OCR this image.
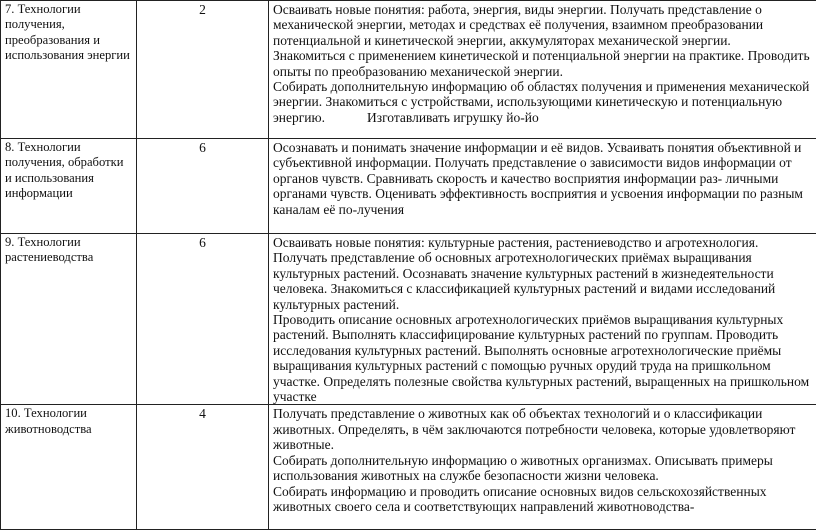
7. Технологии получения, преобразования и использования энергии	2	Осваивать новые понятия: работа, энергия, виды энергии. Получать представление о механической энергии, методах и средствах её получения, взаимном преобразовании потенциальной и кинетической энергии, аккумуляторах механической энергии.
Знакомиться с применением кинетической и потенциальной энергии на практике. Проводить опыты по преобразованию механической энергии.
Собирать дополнительную информацию об областях получения и применения механической энергии. Знакомиться с устройствами, использующими кинетическую и потенциальную энергию. Изготавливать игрушку йо-йо

8. Технологии получения, обработки и использования информации	6	Осознавать и понимать значение информации и её видов. Усваивать понятия объективной и субъективной информации. Получать представление о зависимости видов информации от органов чувств. Сравнивать скорость и качество восприятия информации раз- личными органами чувств. Оценивать эффективность восприятия и усвоения информации по разным каналам её по-лучения

9. Технологии растениеводства	6	Осваивать новые понятия: культурные растения, растениеводство и агротехнология. Получать представление об основных агротехнологических приёмах выращивания культурных растений. Осознавать значение культурных растений в жизнедеятельности человека. Знакомиться с классификацией культурных растений и видами исследований культурных растений.
Проводить описание основных агротехнологических приёмов выращивания культурных растений. Выполнять классифицирование культурных растений по группам. Проводить исследования культурных растений. Выполнять основные агротехнологические приёмы выращивания культурных растений с помощью ручных орудий труда на пришкольном участке. Определять полезные свойства культурных растений, выращенных на пришкольном участке

10. Технологии животноводства	4	Получать представление о животных как об объектах технологий и о классификации животных. Определять, в чём заключаются потребности человека, которые удовлетворяют животные.
Собирать дополнительную информацию о животных организмах. Описывать примеры использования животных на службе безопасности жизни человека.
Собирать информацию и проводить описание основных видов сельскохозяйственных животных своего села и соответствующих направлений животноводства-
